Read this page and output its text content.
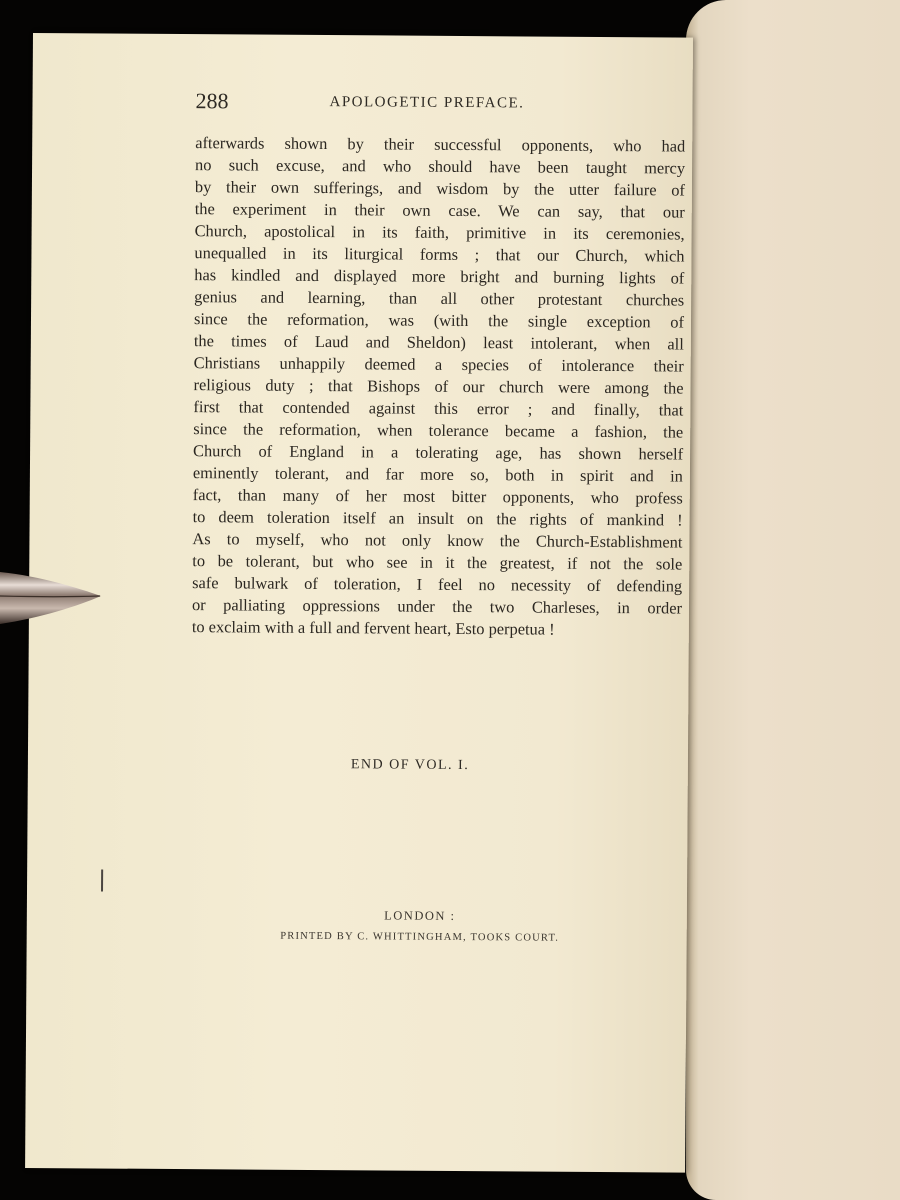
288	APOLOGETIC PREFACE.

afterwards shown by their successful opponents, who had
no such excuse, and who should have been taught mercy
by their own sufferings, and wisdom by the utter failure of
the experiment in their own case. We can say, that our
Church, apostolical in its faith, primitive in its ceremonies,
unequalled in its liturgical forms ; that our Church, which
has kindled and displayed more bright and burning lights of
genius and learning, than all other protestant churches
since the reformation, was (with the single exception of
the times of Laud and Sheldon) least intolerant, when all
Christians unhappily deemed a species of intolerance their
religious duty ; that Bishops of our church were among the
first that contended against this error ; and finally, that
since the reformation, when tolerance became a fashion, the
Church of England in a tolerating age, has shown herself
eminently tolerant, and far more so, both in spirit and in
fact, than many of her most bitter opponents, who profess
to deem toleration itself an insult on the rights of mankind !
As to myself, who not only know the Church-Establishment
to be tolerant, but who see in it the greatest, if not the sole
safe bulwark of toleration, I feel no necessity of defending
or palliating oppressions under the two Charleses, in order
to exclaim with a full and fervent heart, Esto perpetua !

END OF VOL. I.
LONDON :
PRINTED BY C. WHITTINGHAM, TOOKS COURT.
